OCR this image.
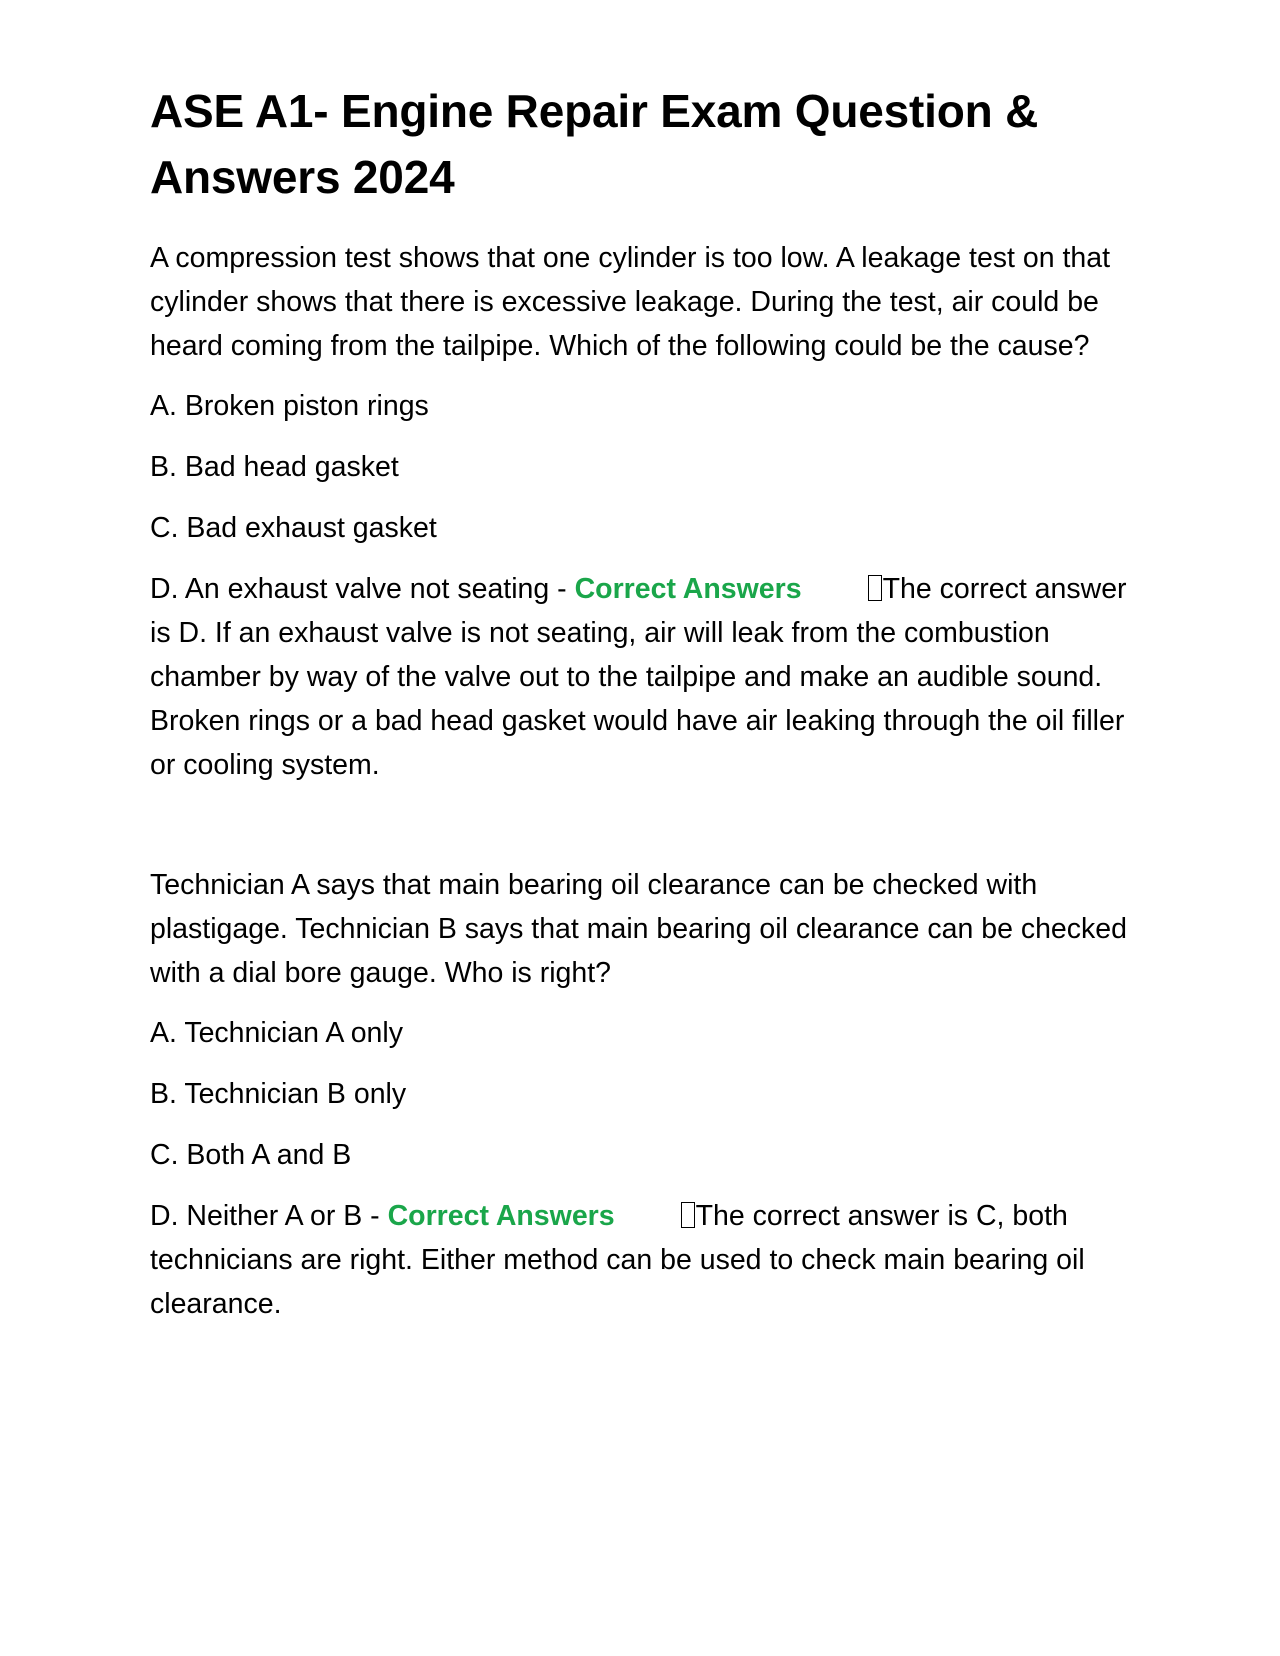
ASE A1- Engine Repair Exam Question & Answers 2024

A compression test shows that one cylinder is too low. A leakage test on that cylinder shows that there is excessive leakage. During the test, air could be heard coming from the tailpipe. Which of the following could be the cause?

A. Broken piston rings

B. Bad head gasket

C. Bad exhaust gasket

D. An exhaust valve not seating - Correct Answers	The correct answer is D. If an exhaust valve is not seating, air will leak from the combustion chamber by way of the valve out to the tailpipe and make an audible sound. Broken rings or a bad head gasket would have air leaking through the oil filler or cooling system.

Technician A says that main bearing oil clearance can be checked with plastigage. Technician B says that main bearing oil clearance can be checked with a dial bore gauge. Who is right?

A. Technician A only

B. Technician B only

C. Both A and B

D. Neither A or B - Correct Answers	The correct answer is C, both technicians are right. Either method can be used to check main bearing oil clearance.
